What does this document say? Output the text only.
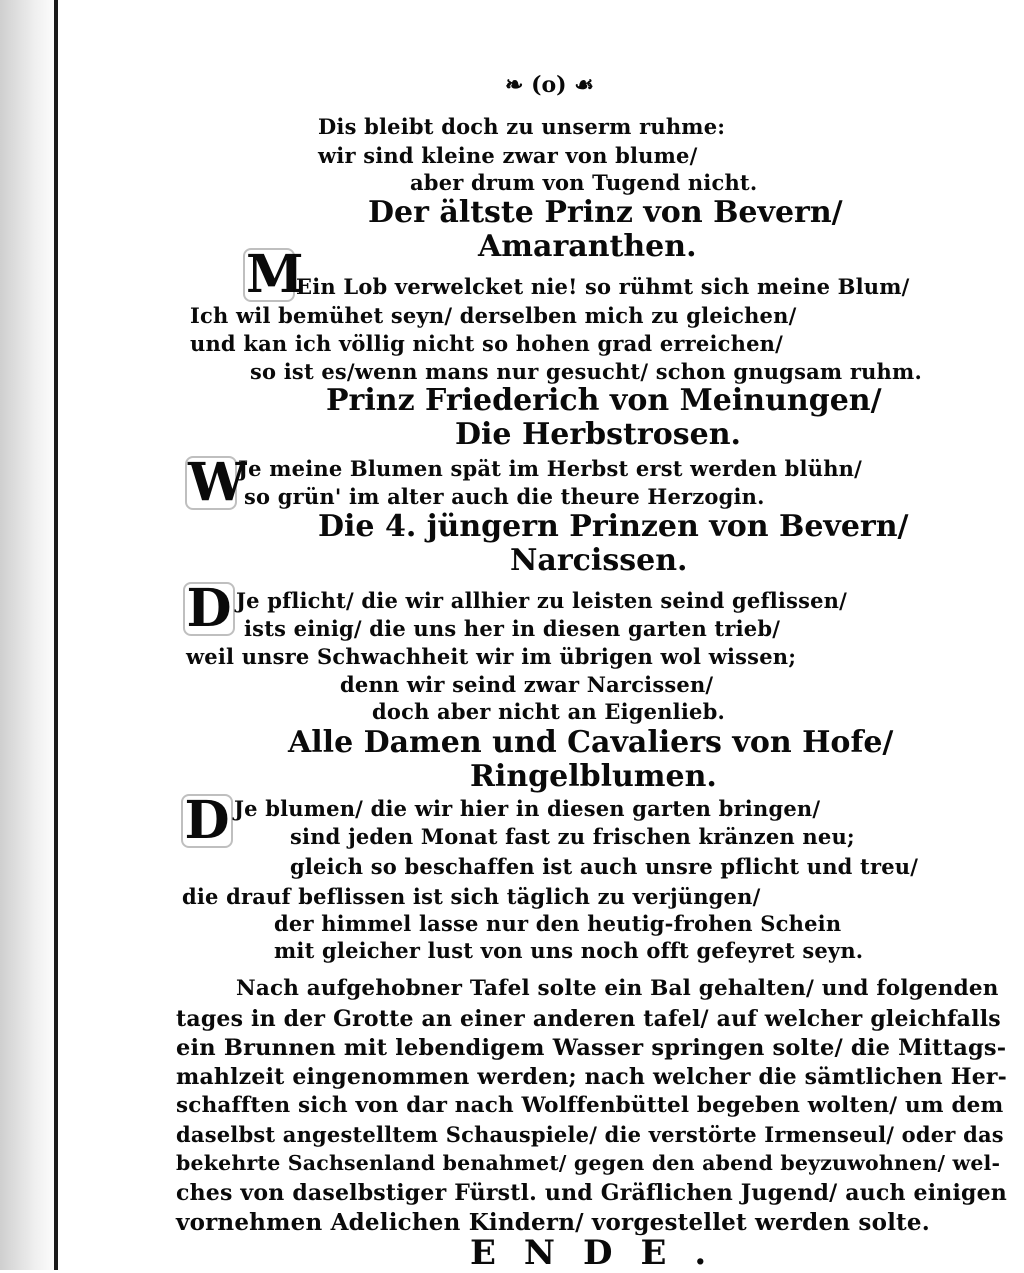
❧ (o) ☙
Dis bleibt doch zu unserm ruhme:
wir sind kleine zwar von blume/
aber drum von Tugend nicht.
Der ältste Prinz von Bevern/
Amaranthen.
M
Ein Lob verwelcket nie! so rühmt sich meine Blum/
Ich wil bemühet seyn/ derselben mich zu gleichen/
und kan ich völlig nicht so hohen grad erreichen/
so ist es/wenn mans nur gesucht/ schon gnugsam ruhm.
Prinz Friederich von Meinungen/
Die Herbstrosen.
W
Je meine Blumen spät im Herbst erst werden blühn/
so grün' im alter auch die theure Herzogin.
Die 4. jüngern Prinzen von Bevern/
Narcissen.
D Je pflicht/ die wir allhier zu leisten seind geflissen/
ists einig/ die uns her in diesen garten trieb/
weil unsre Schwachheit wir im übrigen wol wissen;
denn wir seind zwar Narcissen/
doch aber nicht an Eigenlieb.
Alle Damen und Cavaliers von Hofe/
Ringelblumen.
D Je blumen/ die wir hier in diesen garten bringen/
sind jeden Monat fast zu frischen kränzen neu;
gleich so beschaffen ist auch unsre pflicht und treu/
die drauf beflissen ist sich täglich zu verjüngen/
der himmel lasse nur den heutig-frohen Schein
mit gleicher lust von uns noch offt gefeyret seyn.
Nach aufgehobner Tafel solte ein Bal gehalten/ und folgenden
tages in der Grotte an einer anderen tafel/ auf welcher gleichfalls
ein Brunnen mit lebendigem Wasser springen solte/ die Mittags-
mahlzeit eingenommen werden; nach welcher die sämtlichen Her-
schafften sich von dar nach Wolffenbüttel begeben wolten/ um dem
daselbst angestelltem Schauspiele/ die verstörte Irmenseul/ oder das
bekehrte Sachsenland benahmet/ gegen den abend beyzuwohnen/ wel-
ches von daselbstiger Fürstl. und Gräflichen Jugend/ auch einigen
vornehmen Adelichen Kindern/ vorgestellet werden solte.
ENDE.
